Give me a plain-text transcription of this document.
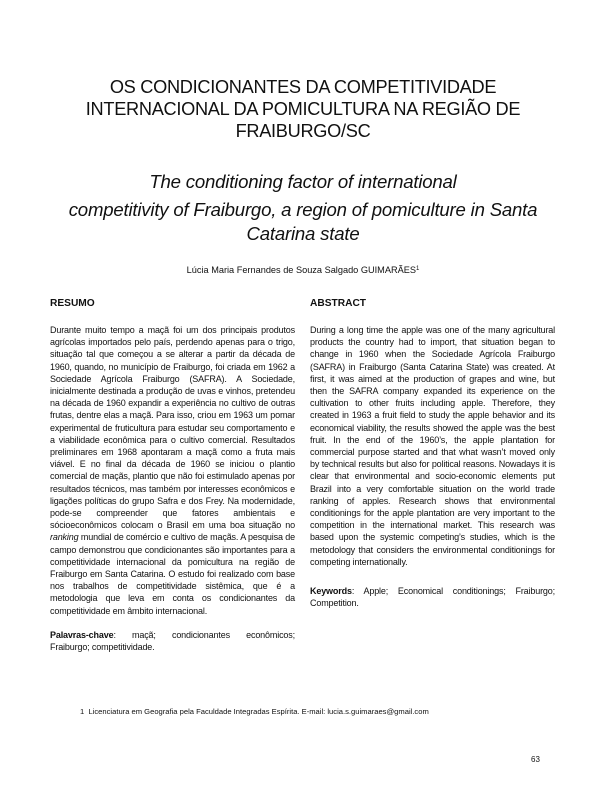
OS CONDICIONANTES DA COMPETITIVIDADE
INTERNACIONAL DA POMICULTURA NA REGIÃO DE
FRAIBURGO/SC
The conditioning factor of international
competitivity of Fraiburgo, a region of pomiculture in Santa
Catarina state
Lúcia Maria Fernandes de Souza Salgado GUIMARÃES$^1$
RESUMO

Durante muito tempo a maçã foi um dos principais produtos agrícolas importados pelo país, perdendo apenas para o trigo, situação tal que começou a se alterar a partir da década de 1960, quando, no município de Fraiburgo, foi criada em 1962 a Sociedade Agrícola Fraiburgo (SAFRA). A Sociedade, inicialmente destinada a produção de uvas e vinhos, pretendeu na década de 1960 expandir a experiência no cultivo de outras frutas, dentre elas a maçã. Para isso, criou em 1963 um pomar experimental de fruticultura para estudar seu comportamento e a viabilidade econômica para o cultivo comercial. Resultados preliminares em 1968 apontaram a maçã como a fruta mais viável. E no final da década de 1960 se iniciou o plantio comercial de maçãs, plantio que não foi estimulado apenas por resultados técnicos, mas também por interesses econômicos e ligações políticas do grupo Safra e dos Frey. Na modernidade, pode-se compreender que fatores ambientais e sócioeconômicos colocam o Brasil em uma boa situação no ranking mundial de comércio e cultivo de maçãs. A pesquisa de campo demonstrou que condicionantes são importantes para a competitividade internacional da pomicultura na região de Fraiburgo em Santa Catarina. O estudo foi realizado com base nos trabalhos de competitividade sistêmica, que é a metodologia que leva em conta os condicionantes da competitividade em âmbito internacional.

Palavras-chave: maçã; condicionantes econômicos; Fraiburgo; competitividade.

ABSTRACT

During a long time the apple was one of the many agricultural products the country had to import, that situation began to change in 1960 when the Sociedade Agrícola Fraiburgo (SAFRA) in Fraiburgo (Santa Catarina State) was created. At first, it was aimed at the production of grapes and wine, but then the SAFRA company expanded its experience on the cultivation to other fruits including apple. Therefore, they created in 1963 a fruit field to study the apple behavior and its economical viability, the results showed the apple was the best fruit. In the end of the 1960’s, the apple plantation for commercial purpose started and that what wasn’t moved only by technical results but also for political reasons. Nowadays it is clear that environmental and socio-economic elements put Brazil into a very comfortable situation on the world trade ranking of apples. Research shows that environmental conditionings for the apple plantation are very important to the competition in the international market. This research was based upon the systemic competing’s studies, which is the metodology that considers the environmental conditionings for competing internationally.

Keywords: Apple; Economical conditionings; Fraiburgo; Competition.

1 Licenciatura em Geografia pela Faculdade Integradas Espírita. E-mail: lucia.s.guimaraes@gmail.com
63
